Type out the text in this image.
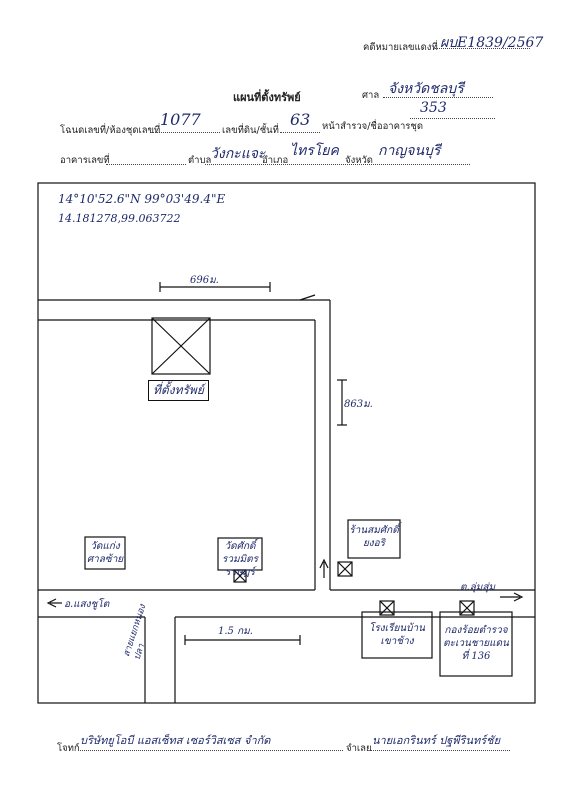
คดีหมายเลขแดงที่ ผบE1839/2567
แผนที่ตั้งทรัพย์	ศาล จังหวัดชลบุรี
โฉนดเลขที่/ห้องชุดเลขที่
1077
เลขที่ดิน/ชั้นที่
63 หน้าสำรวจ/ชื่ออาคารชุด
353
อาคารเลขที่	ตำบล
วังกะแจะ
อำเภอ
ไทรโยค
จังหวัด
กาญจนบุรี
14°10'52.6"N 99°03'49.4"E
14.181278,99.063722
696ม.
863ม.
1.5 กม.
ที่ตั้งทรัพย์
วัดแก่งศาลซ้าย
วัดศักดิ์รวมมิตรราษฎร์
ร้านสมศักดิ์ยงอริ
โรงเรียนบ้านเขาช้าง
กองร้อยตำรวจตะเวนชายแดนที่ 136
อ.แสงชูโต
ต.ลุ่มสุ่ม
สายแยกหนองปลา
โจทก์
บริษัทยูโอบี แอสเซ็ทส เซอร์วิสเซส จำกัด
จำเลย
นายเอกรินทร์ ปฐพีรินทร์ชัย
